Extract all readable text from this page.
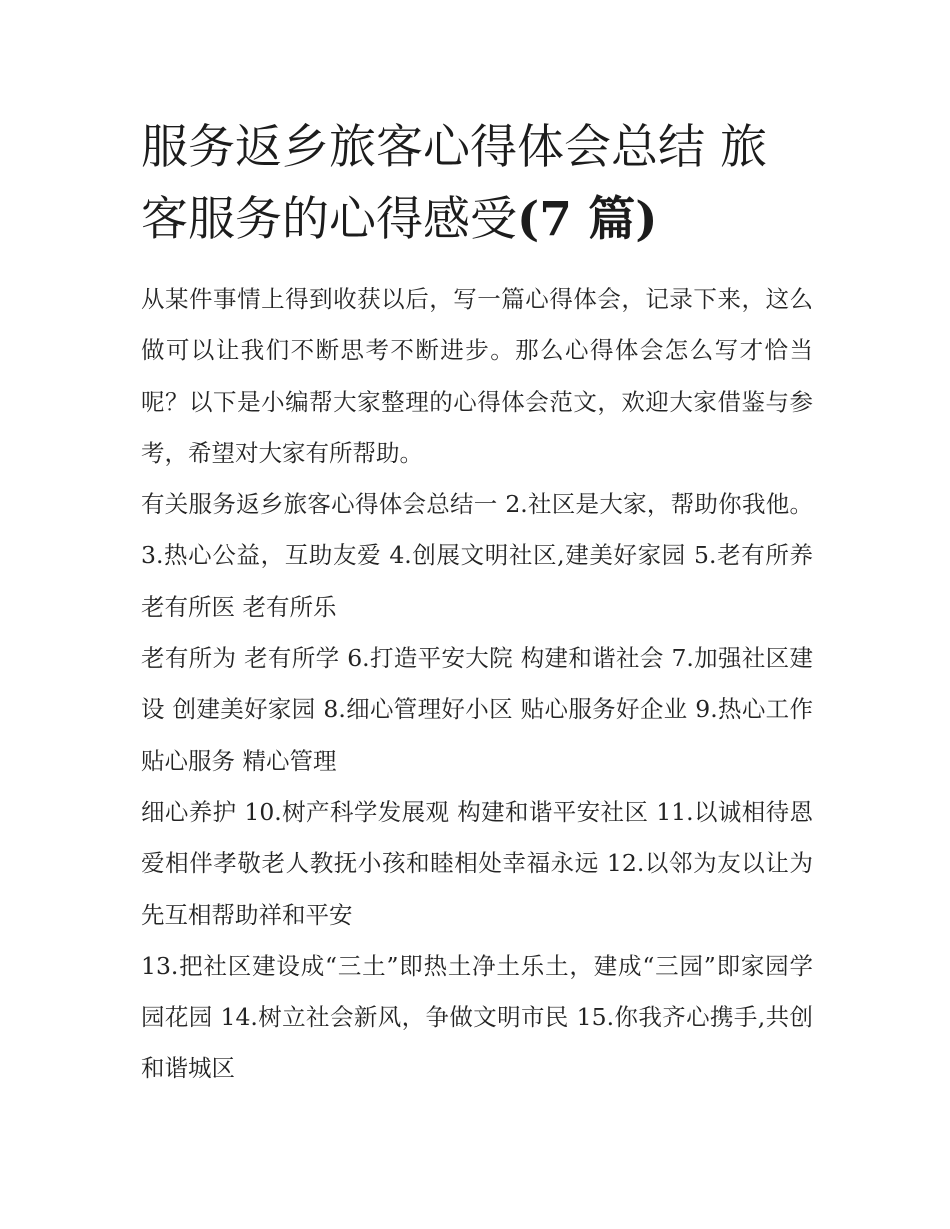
服务返乡旅客心得体会总结 旅客服务的心得感受(7 篇)

从某件事情上得到收获以后，写一篇心得体会，记录下来，这么做可以让我们不断思考不断进步。那么心得体会怎么写才恰当呢？以下是小编帮大家整理的心得体会范文，欢迎大家借鉴与参考，希望对大家有所帮助。

有关服务返乡旅客心得体会总结一 2.社区是大家，帮助你我他。 3.热心公益，互助友爱 4.创展文明社区,建美好家园 5.老有所养 老有所医 老有所乐

老有所为 老有所学 6.打造平安大院 构建和谐社会 7.加强社区建设 创建美好家园 8.细心管理好小区 贴心服务好企业 9.热心工作 贴心服务 精心管理

细心养护 10.树产科学发展观 构建和谐平安社区 11.以诚相待恩爱相伴孝敬老人教抚小孩和睦相处幸福永远 12.以邻为友以让为先互相帮助祥和平安

13.把社区建设成“三土”即热土净土乐土，建成“三园”即家园学园花园 14.树立社会新风，争做文明市民 15.你我齐心携手,共创和谐城区
